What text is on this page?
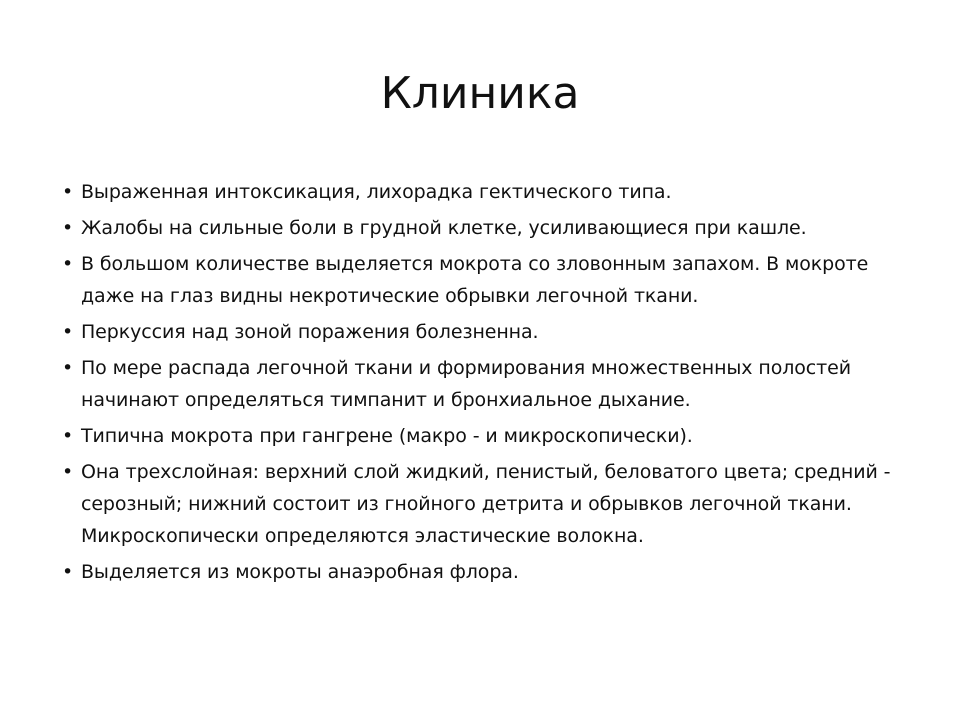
Клиника
• Выраженная интоксикация, лихорадка гектического типа.
• Жалобы на сильные боли в грудной клетке, усиливающиеся при кашле.
• В большом количестве выделяется мокрота со зловонным запахом. В мокроте даже на глаз видны некротические обрывки легочной ткани.
• Перкуссия над зоной поражения болезненна.
• По мере распада легочной ткани и формирования множественных полостей начинают определяться тимпанит и бронхиальное дыхание.
• Типична мокрота при гангрене (макро - и микроскопически).
• Она трехслойная: верхний слой жидкий, пенистый, беловатого цвета; средний - серозный; нижний состоит из гнойного детрита и обрывков легочной ткани. Микроскопически определяются эластические волокна.
• Выделяется из мокроты анаэробная флора.
